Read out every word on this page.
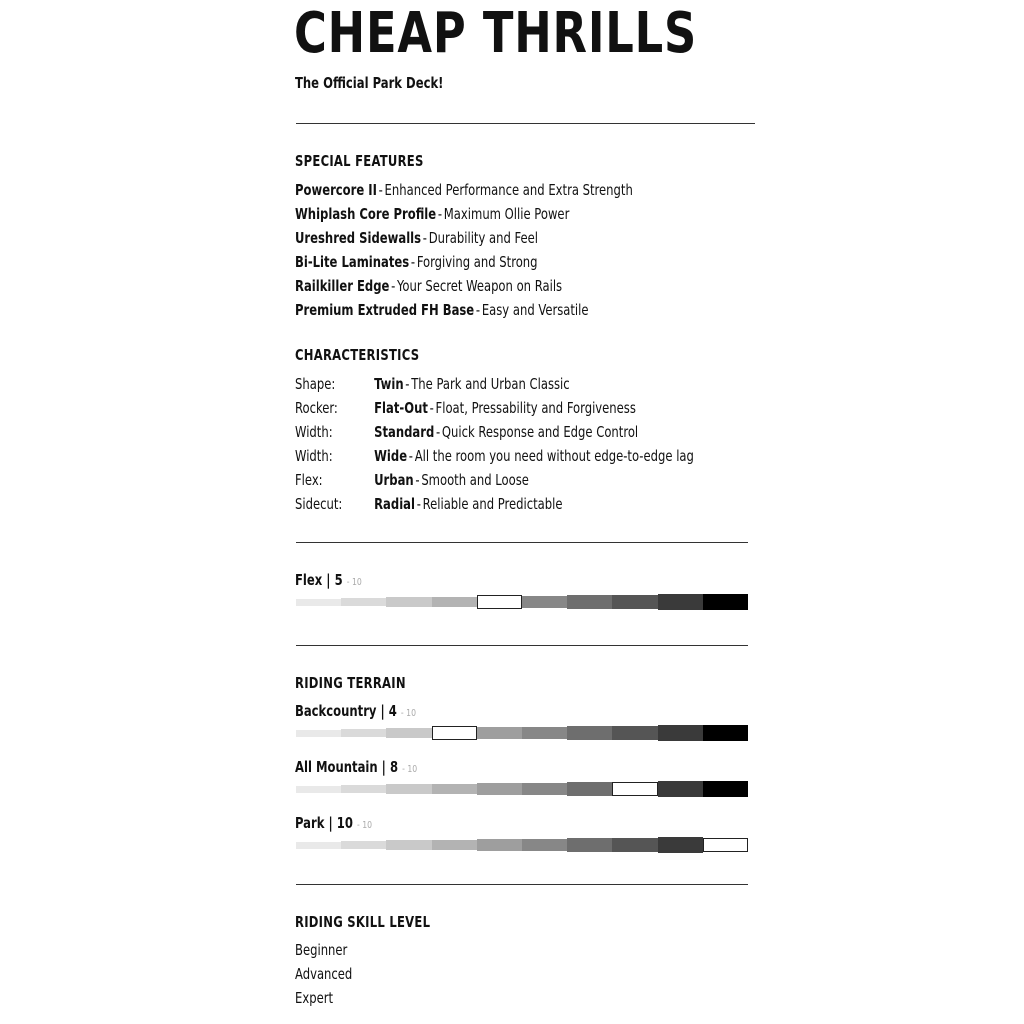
CHEAP THRILLS
The Official Park Deck!
SPECIAL FEATURES
Powercore II - Enhanced Performance and Extra Strength
Whiplash Core Profile - Maximum Ollie Power
Ureshred Sidewalls - Durability and Feel
Bi-Lite Laminates - Forgiving and Strong
Railkiller Edge - Your Secret Weapon on Rails
Premium Extruded FH Base - Easy and Versatile
CHARACTERISTICS
Shape:	Twin - The Park and Urban Classic
Rocker: Flat-Out - Float, Pressability and Forgiveness
Width:	Standard - Quick Response and Edge Control
Width:	Wide - All the room you need without edge-to-edge lag
Flex:	Urban - Smooth and Loose
Sidecut: Radial - Reliable and Predictable
Flex | 5 - 10
RIDING TERRAIN
Backcountry | 4 - 10
All Mountain | 8 - 10
Park | 10 - 10
RIDING SKILL LEVEL
Beginner
Advanced
Expert
